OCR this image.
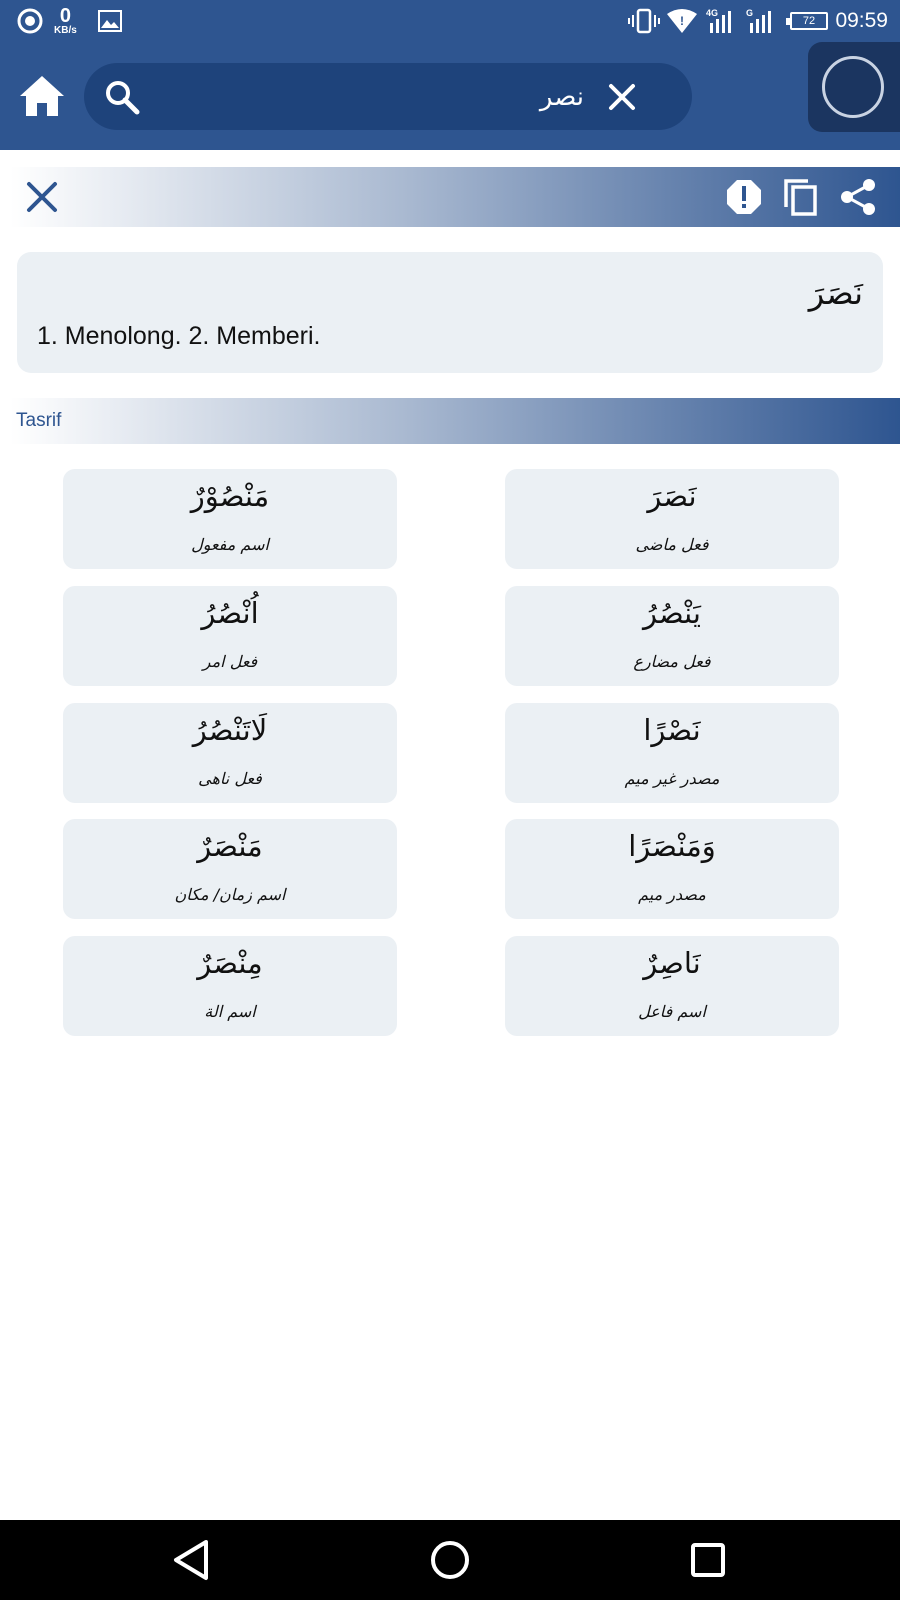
0
KB/s
!
4G	G
72 09:59
نصر
نَصَرَ
1. Menolong. 2. Memberi.
Tasrif
نَصَرَ
فعل ماضى
مَنْصُوْرٌ
اسم مفعول
يَنْصُرُ
فعل مضارع
اُنْصُرُ
فعل امر
نَصْرًا
مصدر غير ميم
لَاتَنْصُرُ
فعل ناهى
وَمَنْصَرًا
مصدر ميم
مَنْصَرٌ
اسم زمان/ مكان
نَاصِرٌ
اسم فاعل
مِنْصَرٌ
اسم الة
